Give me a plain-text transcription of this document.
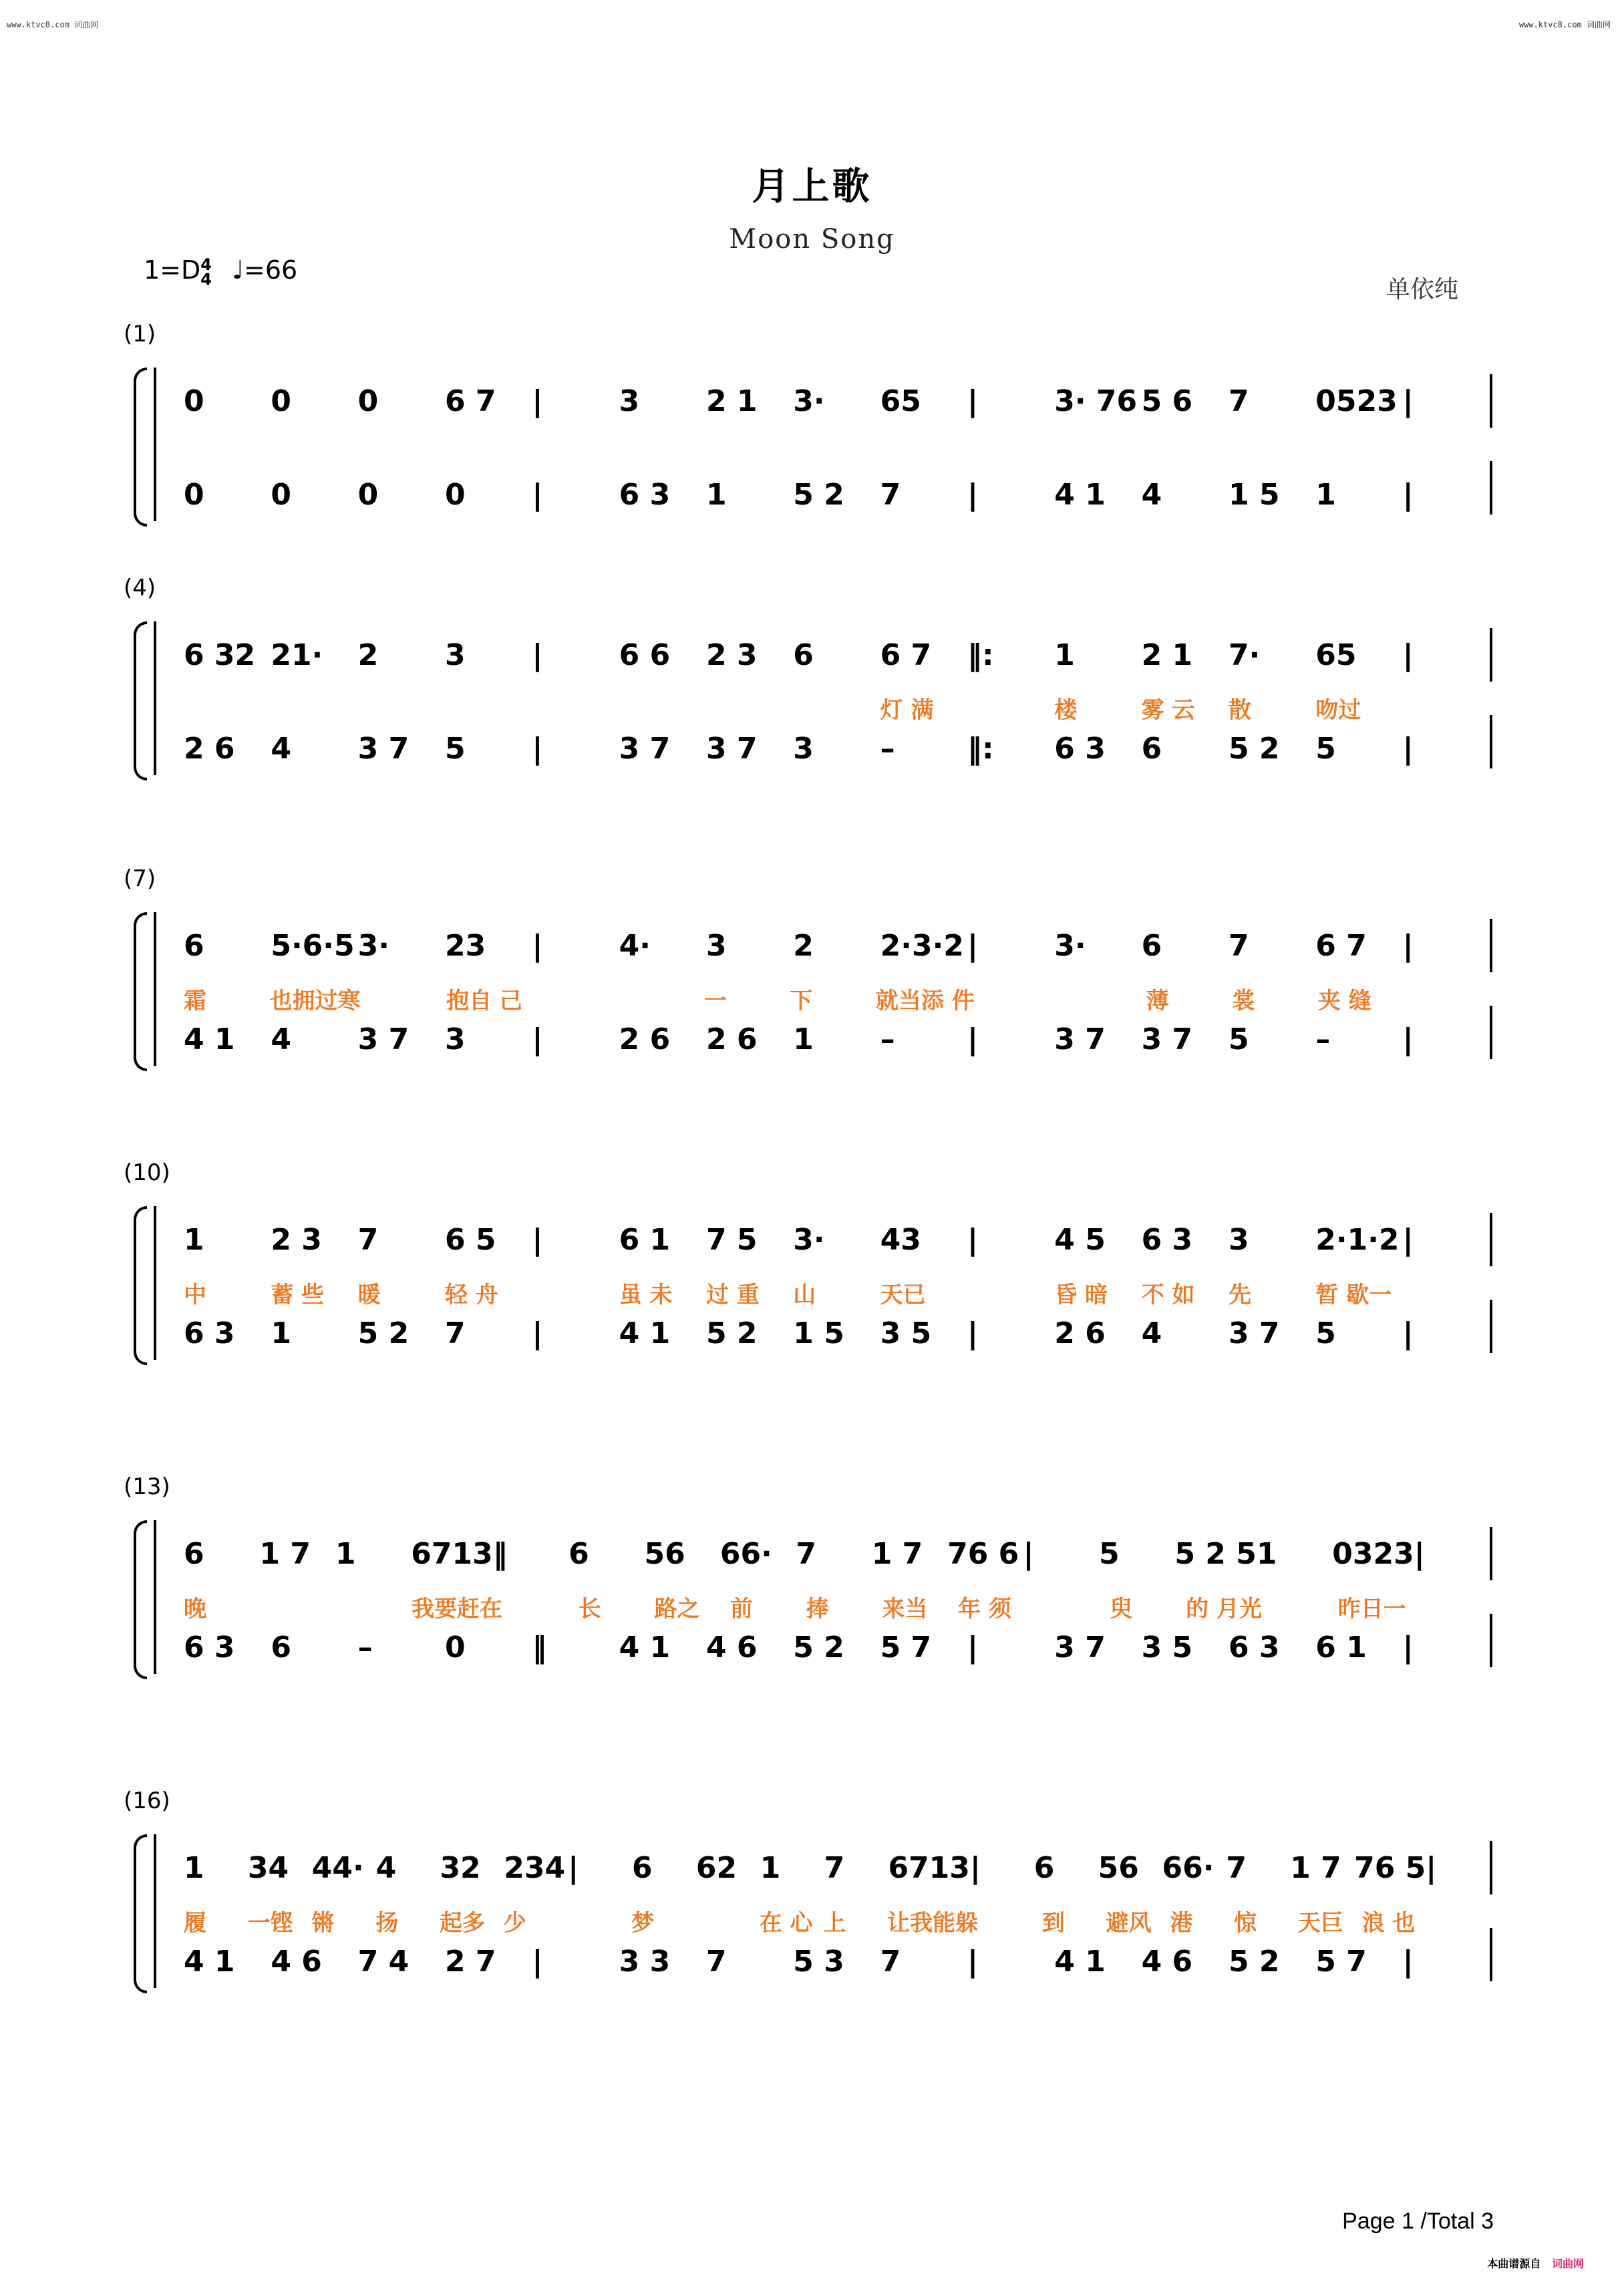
www.ktvc8.com 词曲网	www.ktvc8.com 词曲网
月上歌
Moon Song
1=D4
4 ♩=66
单依纯
(1)
0	0	0	6 7	|	3	2 1	3·	65	|	3· 76 5 6	7	0523 |
0	0	0	0	|	6 3	1	5 2	7	|	4 1	4	1 5	1	|
(4)
6 32 21·	2	3	|	6 6	2 3	6	6 7	‖:	1	2 1	7·	65	|
灯 满	楼	雾 云	散	吻过
2 6	4	3 7	5	|	3 7	3 7	3	–	‖:	6 3	6	5 2	5	|
(7)
6	5·6·5 3·	23	|	4·	3	2	2·3·2 |	3·	6	7	6 7	|
霜	也拥过寒	抱自 己	一	下	就当添 件	薄	裳	夹 缝
4 1	4	3 7	3	|	2 6	2 6	1	–	|	3 7	3 7	5	–	|
(10)
1	2 3	7	6 5	|	6 1	7 5	3·	43	|	4 5	6 3	3	2·1·2 |
中	蓄 些	暖	轻 舟	虽 未	过 重	山	天已	昏 暗	不 如	先	暂 歇一
6 3	1	5 2	7	|	4 1	5 2	1 5	3 5	|	2 6	4	3 7	5	|
(13)
6	1 7 1	6713 ‖	6	56	66· 7	1 7 76 6 |	5	5 2 5 1	0323 |
晚	我要赶在	长	路之	前	捧	来当	年 须	臾	的 月光	昨日一
6 3	6	–	0	‖	4 1	4 6	5 2	5 7	|	3 7	3 5	6 3	6 1	|
(16)
1	34 44· 4	32 234 |	6	62 1	7	6713 |	6	56 66· 7	1 7 76 5 |
履	一铿 锵	扬	起多 少	梦	在 心 上	让我能躲	到	避风 港	惊	天巨 浪 也
4 1	4 6	7 4	2 7	|	3 3	7	5 3	7	|	4 1	4 6	5 2	5 7	|
Page 1 /Total 3
本曲谱源自 词曲网
